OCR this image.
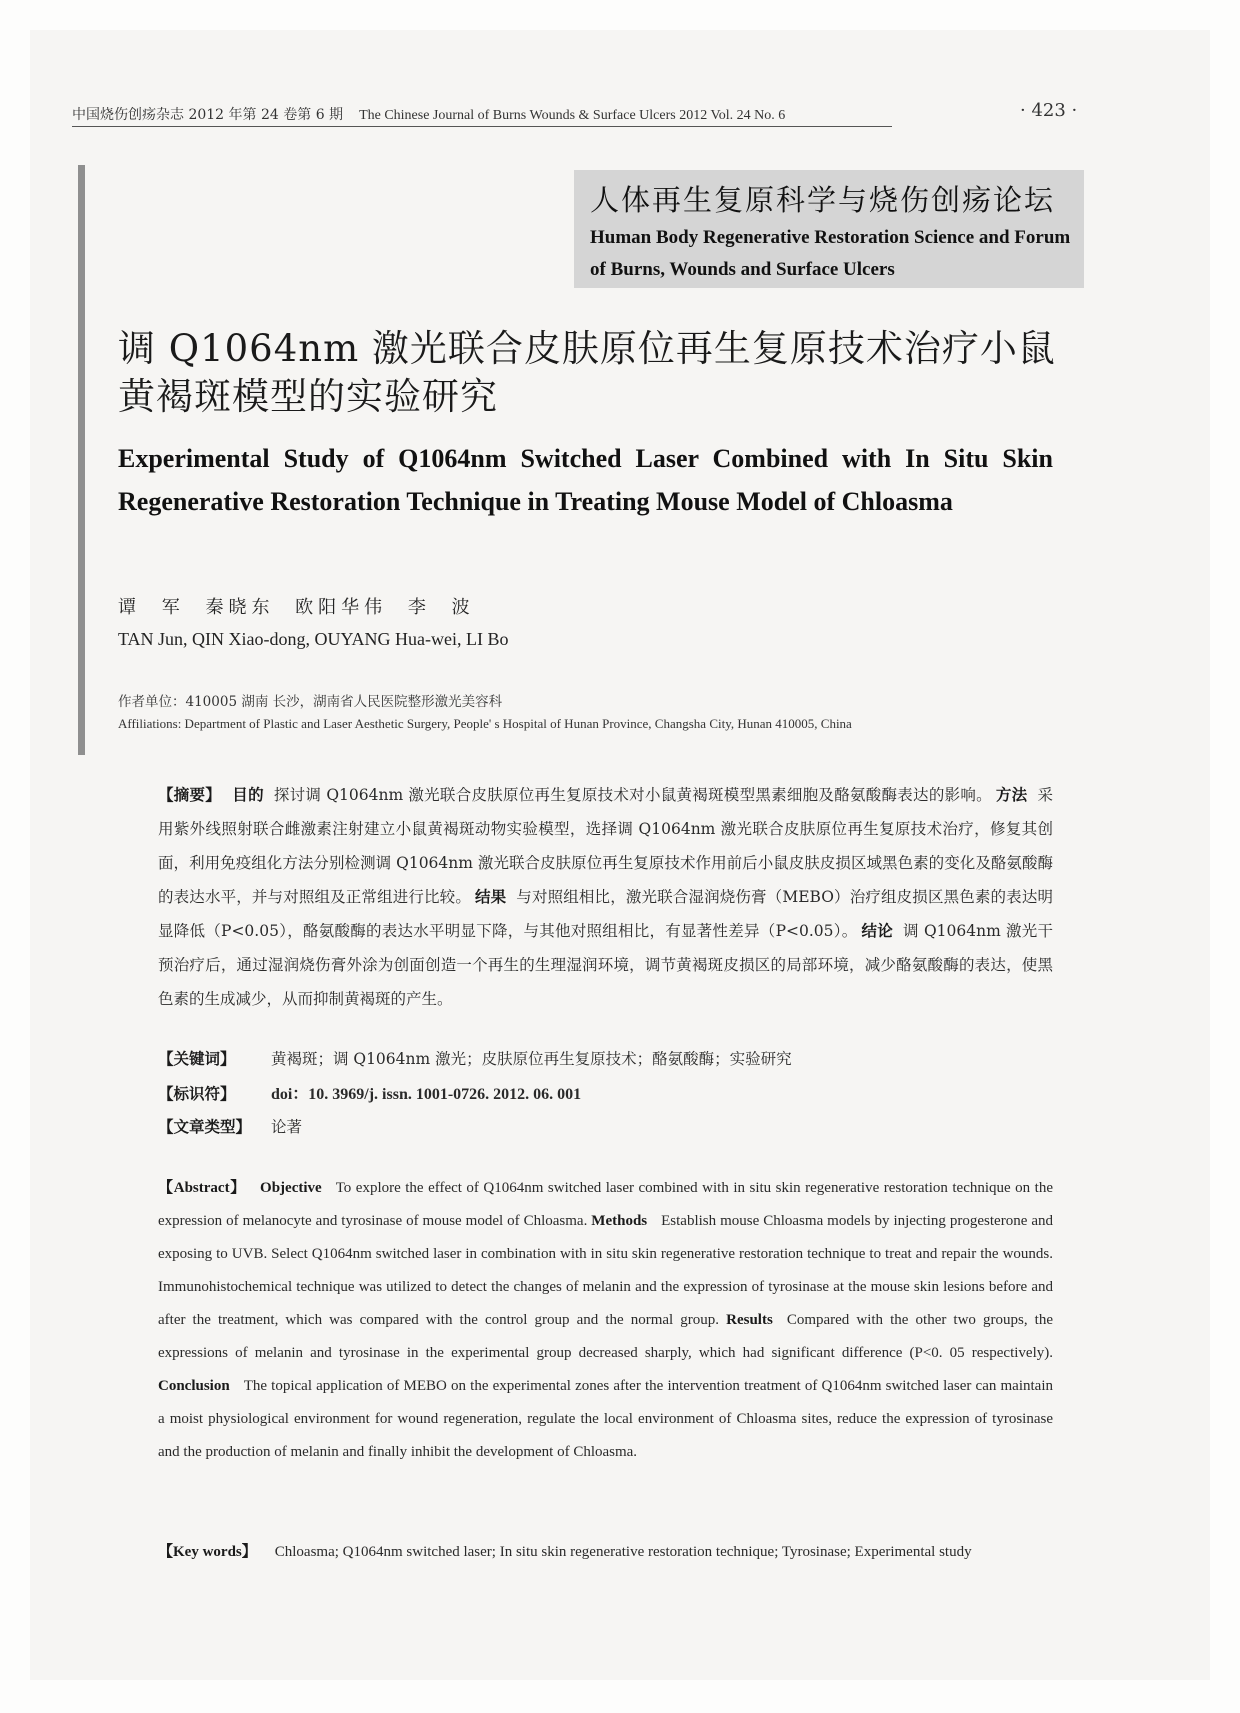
中国烧伤创疡杂志 2012 年第 24 卷第 6 期 The Chinese Journal of Burns Wounds & Surface Ulcers 2012 Vol. 24 No. 6	· 423 ·
人体再生复原科学与烧伤创疡论坛
Human Body Regenerative Restoration Science and Forum of Burns, Wounds and Surface Ulcers
调 Q1064nm 激光联合皮肤原位再生复原技术治疗小鼠黄褐斑模型的实验研究
Experimental Study of Q1064nm Switched Laser Combined with In Situ Skin Regenerative Restoration Technique in Treating Mouse Model of Chloasma
谭 军 秦晓东 欧阳华伟 李 波
TAN Jun, QIN Xiao-dong, OUYANG Hua-wei, LI Bo
作者单位：410005 湖南 长沙，湖南省人民医院整形激光美容科
Affiliations: Department of Plastic and Laser Aesthetic Surgery, People' s Hospital of Hunan Province, Changsha City, Hunan 410005, China
【摘要】 目的 探讨调 Q1064nm 激光联合皮肤原位再生复原技术对小鼠黄褐斑模型黑素细胞及酪氨酸酶表达的影响。 方法 采用紫外线照射联合雌激素注射建立小鼠黄褐斑动物实验模型，选择调 Q1064nm 激光联合皮肤原位再生复原技术治疗，修复其创面，利用免疫组化方法分别检测调 Q1064nm 激光联合皮肤原位再生复原技术作用前后小鼠皮肤皮损区域黑色素的变化及酪氨酸酶的表达水平，并与对照组及正常组进行比较。 结果 与对照组相比，激光联合湿润烧伤膏（MEBO）治疗组皮损区黑色素的表达明显降低（P<0.05），酪氨酸酶的表达水平明显下降，与其他对照组相比，有显著性差异（P<0.05）。 结论 调 Q1064nm 激光干预治疗后，通过湿润烧伤膏外涂为创面创造一个再生的生理湿润环境，调节黄褐斑皮损区的局部环境，减少酪氨酸酶的表达，使黑色素的生成减少，从而抑制黄褐斑的产生。
【关键词】 黄褐斑；调 Q1064nm 激光；皮肤原位再生复原技术；酪氨酸酶；实验研究
【标识符】 doi：10. 3969/j. issn. 1001-0726. 2012. 06. 001
【文章类型】 论著
【Abstract】 Objective To explore the effect of Q1064nm switched laser combined with in situ skin regenerative restoration technique on the expression of melanocyte and tyrosinase of mouse model of Chloasma. Methods Establish mouse Chloasma models by injecting progesterone and exposing to UVB. Select Q1064nm switched laser in combination with in situ skin regenerative restoration technique to treat and repair the wounds. Immunohistochemical technique was utilized to detect the changes of melanin and the expression of tyrosinase at the mouse skin lesions before and after the treatment, which was compared with the control group and the normal group. Results Compared with the other two groups, the expressions of melanin and tyrosinase in the experimental group decreased sharply, which had significant difference (P<0. 05 respectively). Conclusion The topical application of MEBO on the experimental zones after the intervention treatment of Q1064nm switched laser can maintain a moist physiological environment for wound regeneration, regulate the local environment of Chloasma sites, reduce the expression of tyrosinase and the production of melanin and finally inhibit the development of Chloasma.
【Key words】 Chloasma; Q1064nm switched laser; In situ skin regenerative restoration technique; Tyrosinase; Experimental study
